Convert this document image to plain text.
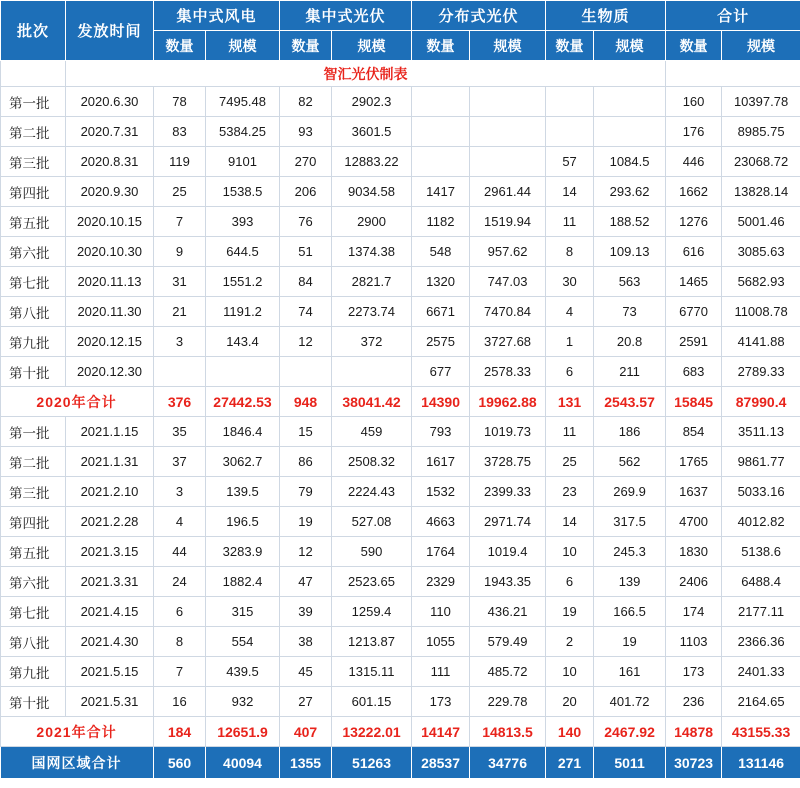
批次	发放时间	集中式风电		集中式光伏		分布式光伏		生物质		合计	
		数量	规模	数量	规模	数量	规模	数量	规模	数量	规模
	智汇光伏制表										
第一批	2020.6.30	78	7495.48	82	2902.3					160	10397.78
第二批	2020.7.31	83	5384.25	93	3601.5					176	8985.75
第三批	2020.8.31	119	9101	270	12883.22			57	1084.5	446	23068.72
第四批	2020.9.30	25	1538.5	206	9034.58	1417	2961.44	14	293.62	1662	13828.14
第五批	2020.10.15	7	393	76	2900	1182	1519.94	11	188.52	1276	5001.46
第六批	2020.10.30	9	644.5	51	1374.38	548	957.62	8	109.13	616	3085.63
第七批	2020.11.13	31	1551.2	84	2821.7	1320	747.03	30	563	1465	5682.93
第八批	2020.11.30	21	1191.2	74	2273.74	6671	7470.84	4	73	6770	11008.78
第九批	2020.12.15	3	143.4	12	372	2575	3727.68	1	20.8	2591	4141.88
第十批	2020.12.30					677	2578.33	6	211	683	2789.33
2020年合计		376	27442.53	948	38041.42	14390	19962.88	131	2543.57	15845	87990.4
第一批	2021.1.15	35	1846.4	15	459	793	1019.73	11	186	854	3511.13
第二批	2021.1.31	37	3062.7	86	2508.32	1617	3728.75	25	562	1765	9861.77
第三批	2021.2.10	3	139.5	79	2224.43	1532	2399.33	23	269.9	1637	5033.16
第四批	2021.2.28	4	196.5	19	527.08	4663	2971.74	14	317.5	4700	4012.82
第五批	2021.3.15	44	3283.9	12	590	1764	1019.4	10	245.3	1830	5138.6
第六批	2021.3.31	24	1882.4	47	2523.65	2329	1943.35	6	139	2406	6488.4
第七批	2021.4.15	6	315	39	1259.4	110	436.21	19	166.5	174	2177.11
第八批	2021.4.30	8	554	38	1213.87	1055	579.49	2	19	1103	2366.36
第九批	2021.5.15	7	439.5	45	1315.11	111	485.72	10	161	173	2401.33
第十批	2021.5.31	16	932	27	601.15	173	229.78	20	401.72	236	2164.65
2021年合计		184	12651.9	407	13222.01	14147	14813.5	140	2467.92	14878	43155.33
国网区域合计		560	40094	1355	51263	28537	34776	271	5011	30723	131146
